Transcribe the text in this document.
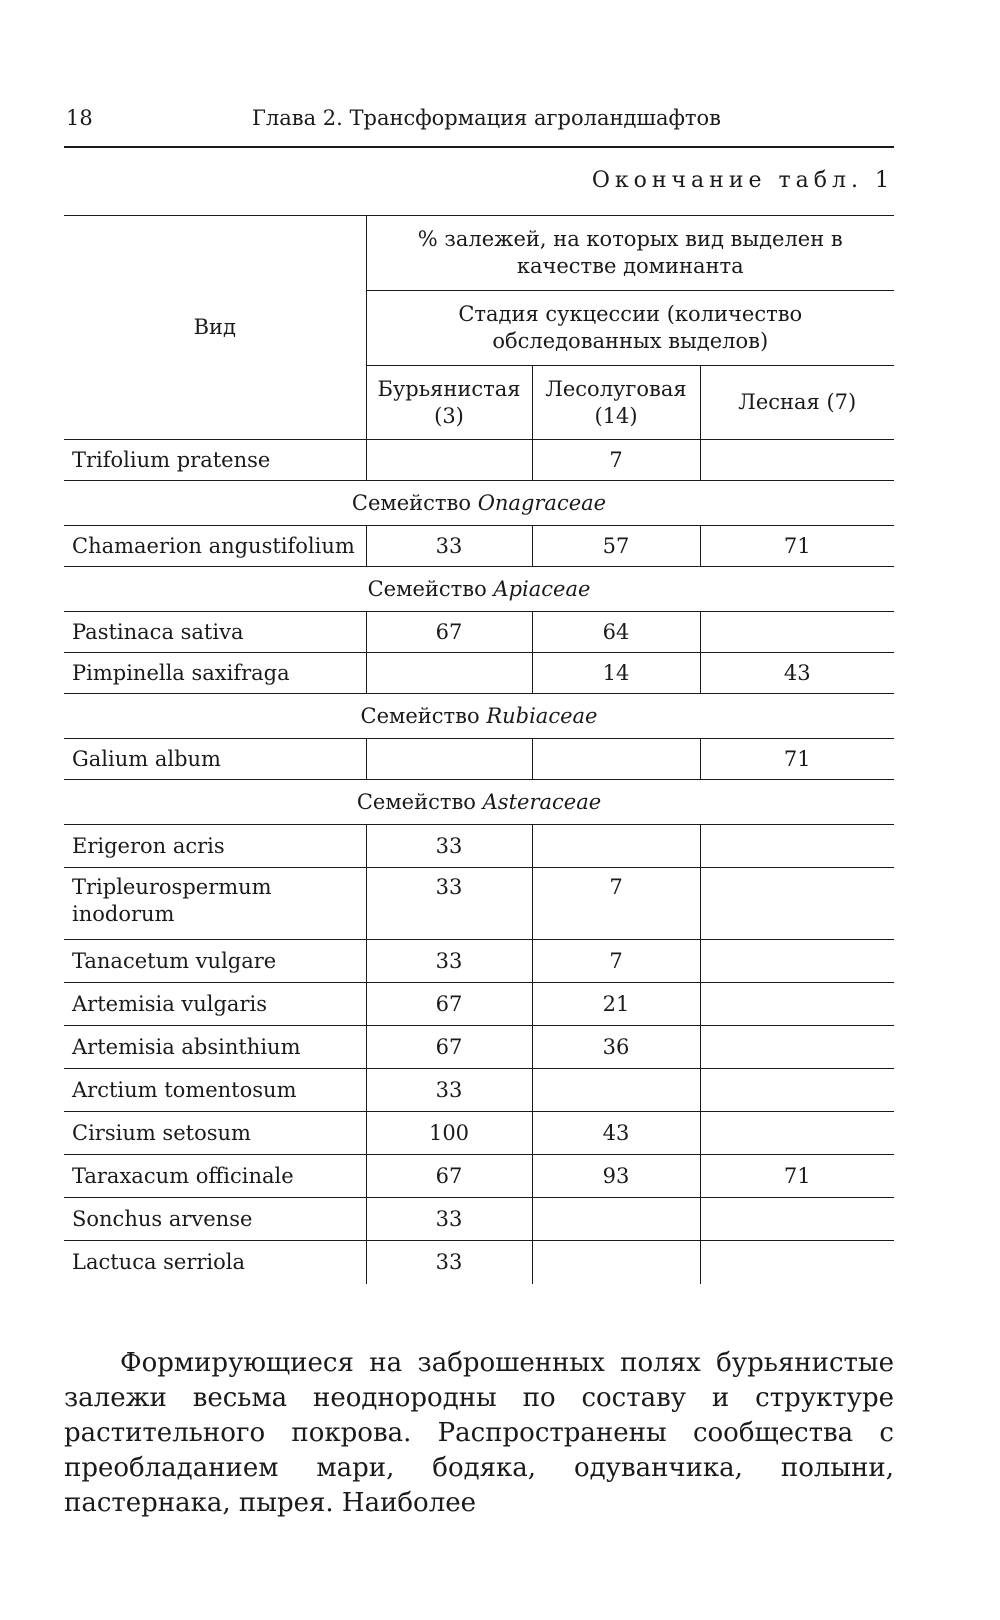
18	Глава 2. Трансформация агроландшафтов
Окончание табл. 1
Вид	% залежей, на которых вид выделен в качестве доминанта		
	Стадия сукцессии (количество обследованных выделов)		
	Бурьянистая (3)	Лесолуговая (14)	Лесная (7)
Trifolium pratense		7	
Семейство Onagraceae			
Chamaerion angustifolium	33	57	71
Семейство Apiaceae			
Pastinaca sativa	67	64	
Pimpinella saxifraga		14	43
Семейство Rubiaceae			
Galium album			71
Семейство Asteraceae			
Erigeron acris	33		
Tripleurospermum inodorum	33	7	
Tanacetum vulgare	33	7	
Artemisia vulgaris	67	21	
Artemisia absinthium	67	36	
Arctium tomentosum	33		
Cirsium setosum	100	43	
Taraxacum officinale	67	93	71
Sonchus arvense	33		
Lactuca serriola	33		
Формирующиеся на заброшенных полях бурьянистые залежи весьма неоднородны по составу и структуре растительного покрова. Распространены сообщества с преобладанием мари, бодяка, одуванчика, полыни, пастернака, пырея. Наиболее
